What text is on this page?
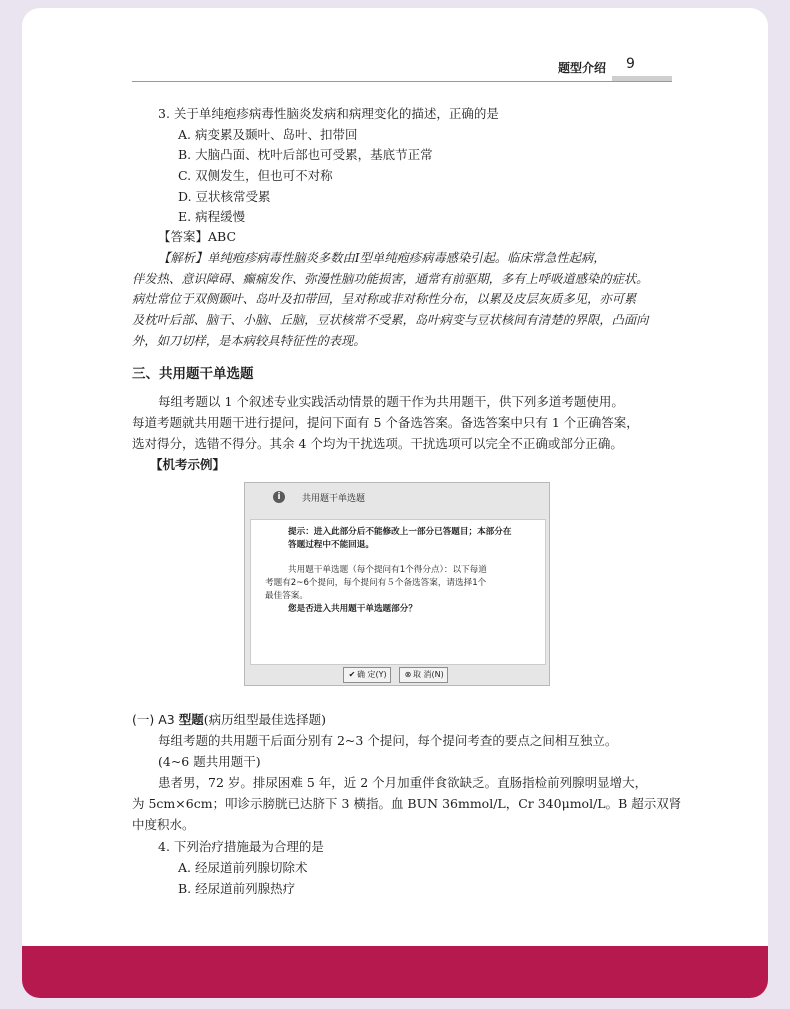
题型介绍 9
3. 关于单纯疱疹病毒性脑炎发病和病理变化的描述，正确的是
A. 病变累及颞叶、岛叶、扣带回
B. 大脑凸面、枕叶后部也可受累，基底节正常
C. 双侧发生，但也可不对称
D. 豆状核常受累
E. 病程缓慢
【答案】ABC
【解析】单纯疱疹病毒性脑炎多数由Ⅰ型单纯疱疹病毒感染引起。临床常急性起病，
伴发热、意识障碍、癫痫发作、弥漫性脑功能损害，通常有前驱期，多有上呼吸道感染的症状。
病灶常位于双侧颞叶、岛叶及扣带回，呈对称或非对称性分布，以累及皮层灰质多见，亦可累
及枕叶后部、脑干、小脑、丘脑，豆状核常不受累，岛叶病变与豆状核间有清楚的界限，凸面向
外，如刀切样，是本病较具特征性的表现。
三、共用题干单选题
每组考题以 1 个叙述专业实践活动情景的题干作为共用题干，供下列多道考题使用。
每道考题就共用题干进行提问，提问下面有 5 个备选答案。备选答案中只有 1 个正确答案，
选对得分，选错不得分。其余 4 个均为干扰选项。干扰选项可以完全不正确或部分正确。
【机考示例】
i	共用题干单选题
提示：进入此部分后不能修改上一部分已答题目；本部分在
答题过程中不能回退。
共用题干单选题（每个提问有1个得分点）：以下每道
考题有2~6个提问，每个提问有５个备选答案，请选择1个
最佳答案。
您是否进入共用题干单选题部分？
✔ 确 定(Y)	⊗ 取 消(N)
(一) A3 型题(病历组型最佳选择题)
每组考题的共用题干后面分别有 2~3 个提问，每个提问考查的要点之间相互独立。
(4~6 题共用题干)
患者男，72 岁。排尿困难 5 年，近 2 个月加重伴食欲缺乏。直肠指检前列腺明显增大，
为 5cm×6cm；叩诊示膀胱已达脐下 3 横指。血 BUN 36mmol/L，Cr 340μmol/L。B 超示双肾
中度积水。
4. 下列治疗措施最为合理的是
A. 经尿道前列腺切除术
B. 经尿道前列腺热疗
